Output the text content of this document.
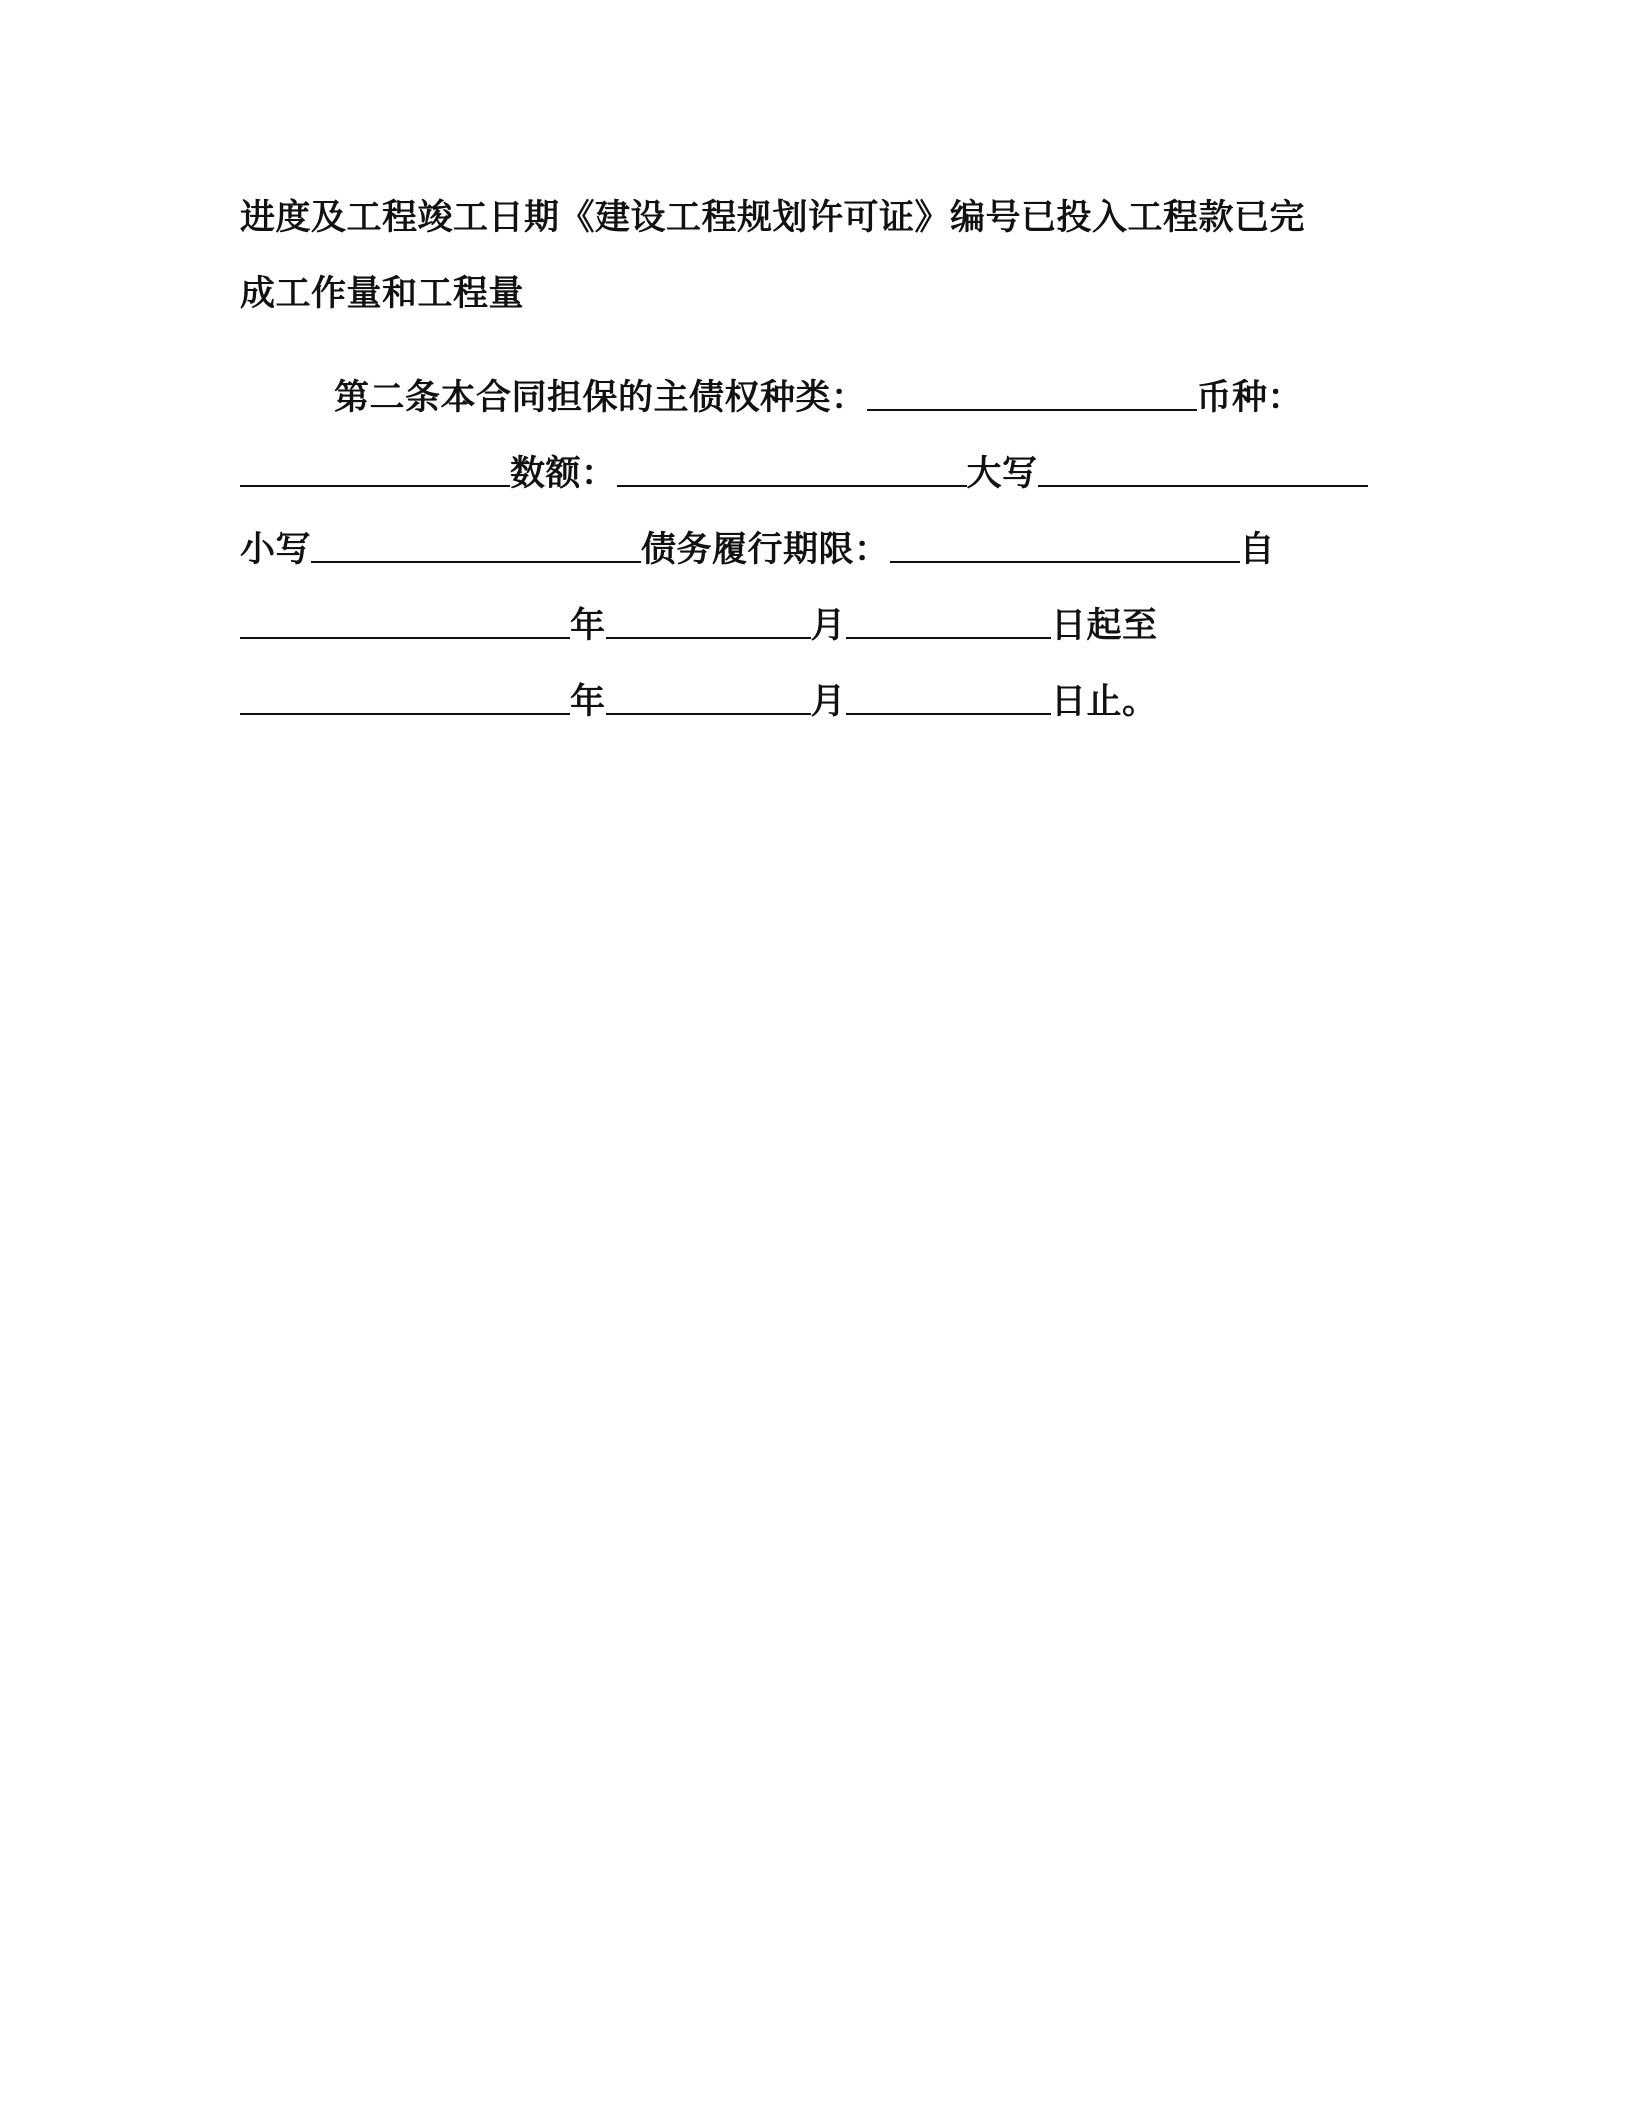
进度及工程竣工日期《建设工程规划许可证》编号已投入工程款已完
成工作量和工程量
第二条本合同担保的主债权种类：	币种：
数额：	大写
小写	债务履行期限：	自
年	月	日起至
年	月	日止。
